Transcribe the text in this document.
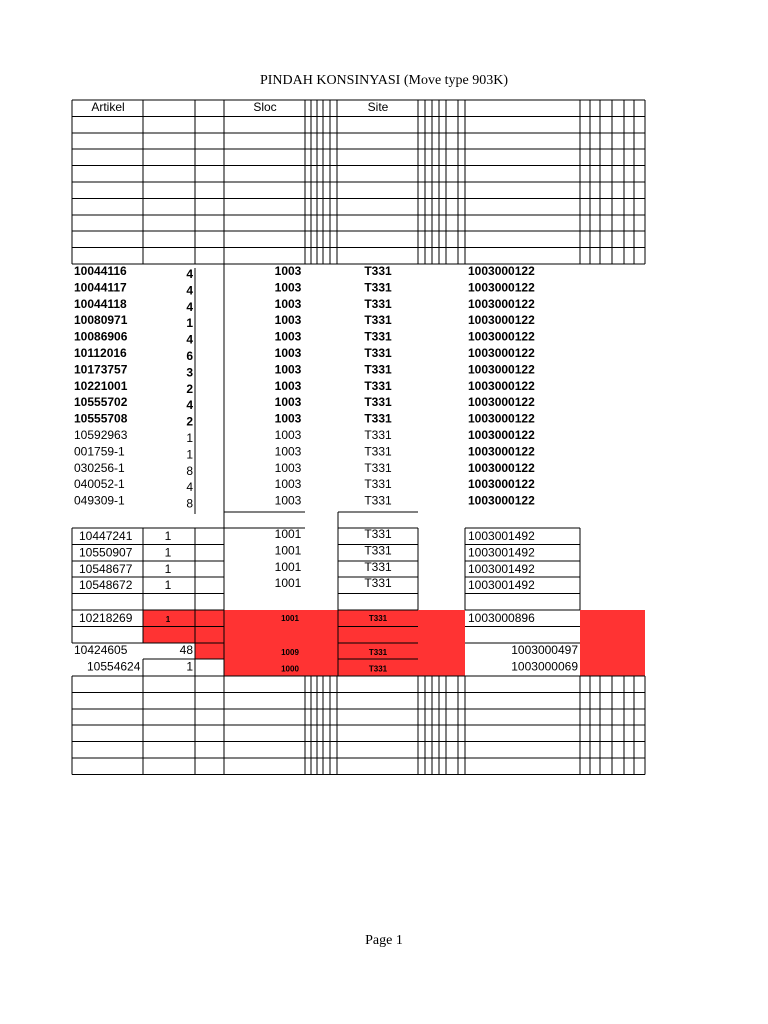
PINDAH KONSINYASI (Move type 903K)
Artikel	Sloc	Site
10044116	4	1003	T331	1003000122
10044117	4	1003	T331	1003000122
10044118	4	1003	T331	1003000122
10080971	1	1003	T331	1003000122
10086906	4	1003	T331	1003000122
10112016	6	1003	T331	1003000122
10173757	3	1003	T331	1003000122
10221001	2	1003	T331	1003000122
10555702	4	1003	T331	1003000122
10555708	2	1003	T331	1003000122
10592963	1	1003	T331	1003000122
001759-1	1	1003	T331	1003000122
030256-1	8	1003	T331	1003000122
040052-1	4	1003	T331	1003000122
049309-1	8	1003	T331	1003000122
10447241	1	1001	T331	1003001492
10550907	1	1001	T331	1003001492
10548677	1	1001	T331	1003001492
10548672	1	1001	T331	1003001492
10218269	1	1001	T331	1003000896
10424605	48	1009	T331	1003000497
10554624	1	1000	T331	1003000069
Page 1
